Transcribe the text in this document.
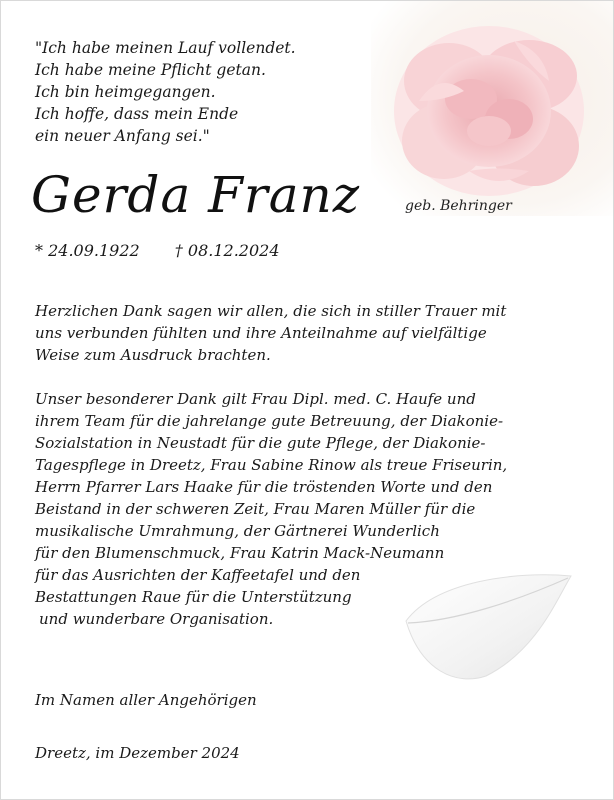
"Ich habe meinen Lauf vollendet.
Ich habe meine Pflicht getan.
Ich bin heimgegangen.
Ich hoffe, dass mein Ende
ein neuer Anfang sei."
Gerda Franz	geb. Behringer
* 24.09.1922 † 08.12.2024
Herzlichen Dank sagen wir allen, die sich in stiller Trauer mit
uns verbunden fühlten und ihre Anteilnahme auf vielfältige
Weise zum Ausdruck brachten.
Unser besonderer Dank gilt Frau Dipl. med. C. Haufe und
ihrem Team für die jahrelange gute Betreuung, der Diakonie-
Sozialstation in Neustadt für die gute Pflege, der Diakonie-
Tagespflege in Dreetz, Frau Sabine Rinow als treue Friseurin,
Herrn Pfarrer Lars Haake für die tröstenden Worte und den
Beistand in der schweren Zeit, Frau Maren Müller für die
musikalische Umrahmung, der Gärtnerei Wunderlich
für den Blumenschmuck, Frau Katrin Mack-Neumann
für das Ausrichten der Kaffeetafel und den
Bestattungen Raue für die Unterstützung
und wunderbare Organisation.
Im Namen aller Angehörigen
Dreetz, im Dezember 2024
